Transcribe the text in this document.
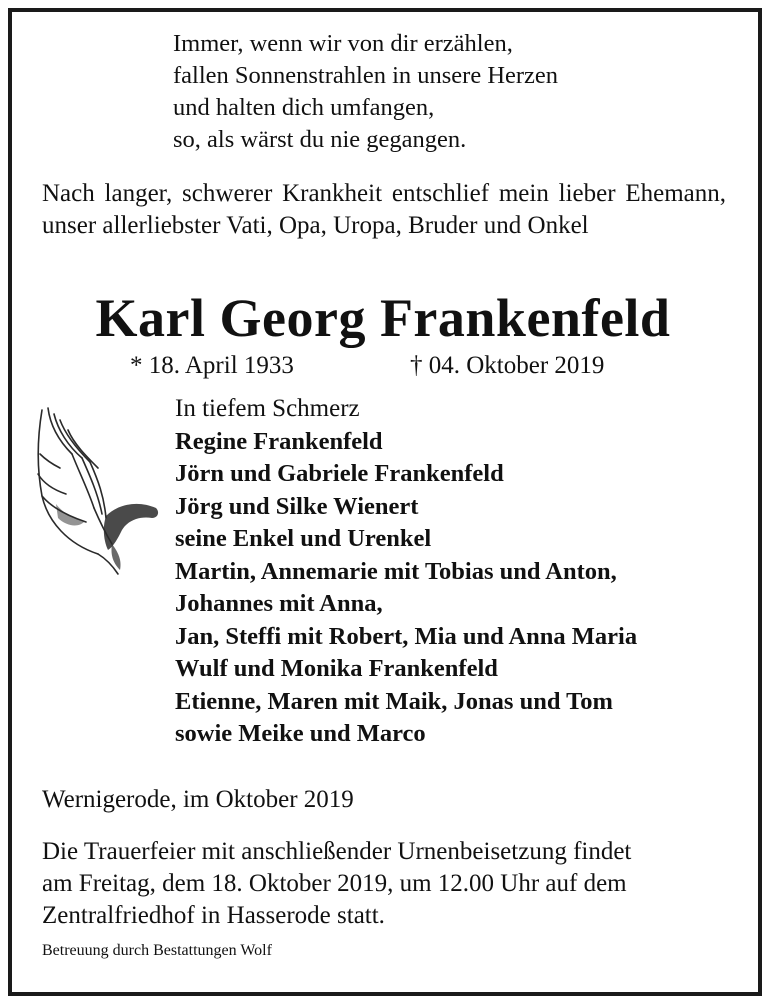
Immer, wenn wir von dir erzählen,
fallen Sonnenstrahlen in unsere Herzen
und halten dich umfangen,
so, als wärst du nie gegangen.
Nach langer, schwerer Krankheit entschlief mein lieber Ehemann, unser allerliebster Vati, Opa, Uropa, Bruder und Onkel
Karl Georg Frankenfeld
* 18. April 1933	† 04. Oktober 2019
In tiefem Schmerz
Regine Frankenfeld
Jörn und Gabriele Frankenfeld
Jörg und Silke Wienert
seine Enkel und Urenkel
Martin, Annemarie mit Tobias und Anton,
Johannes mit Anna,
Jan, Steffi mit Robert, Mia und Anna Maria
Wulf und Monika Frankenfeld
Etienne, Maren mit Maik, Jonas und Tom
sowie Meike und Marco
Wernigerode, im Oktober 2019
Die Trauerfeier mit anschließender Urnenbeisetzung findet
am Freitag, dem 18. Oktober 2019, um 12.00 Uhr auf dem
Zentralfriedhof in Hasserode statt.
Betreuung durch Bestattungen Wolf
